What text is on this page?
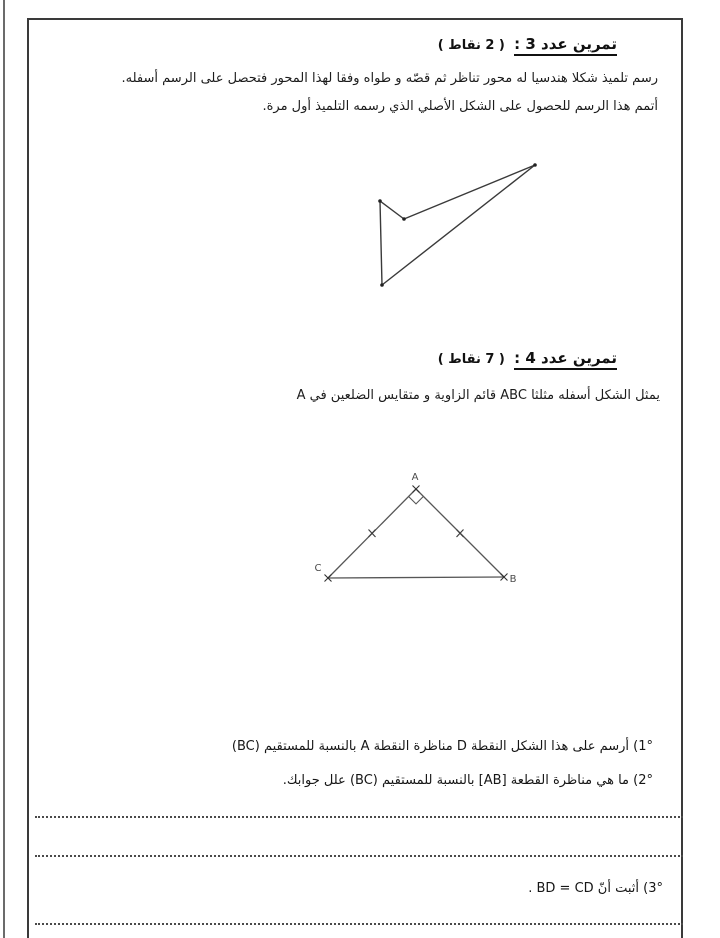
تمرين عدد 3 : ( 2 نقاط )
رسم تلميذ شكلا هندسيا له محور تناظر ثم قصّه و طواه وفقا لهذا المحور فتحصل على الرسم أسفله.
أتمم هذا الرسم للحصول على الشكل الأصلي الذي رسمه التلميذ أول مرة.
تمرين عدد 4 : ( 7 نقاط )
يمثل الشكل أسفله مثلثا ABC قائم الزاوية و متقايس الضلعين في A
A
C
B
1°) أرسم على هذا الشكل النقطة D مناظرة النقطة A بالنسبة للمستقيم (BC)
2°) ما هي مناظرة القطعة [AB] بالنسبة للمستقيم (BC) علل جوابك.
3°) أثبت أنّ BD = CD .
